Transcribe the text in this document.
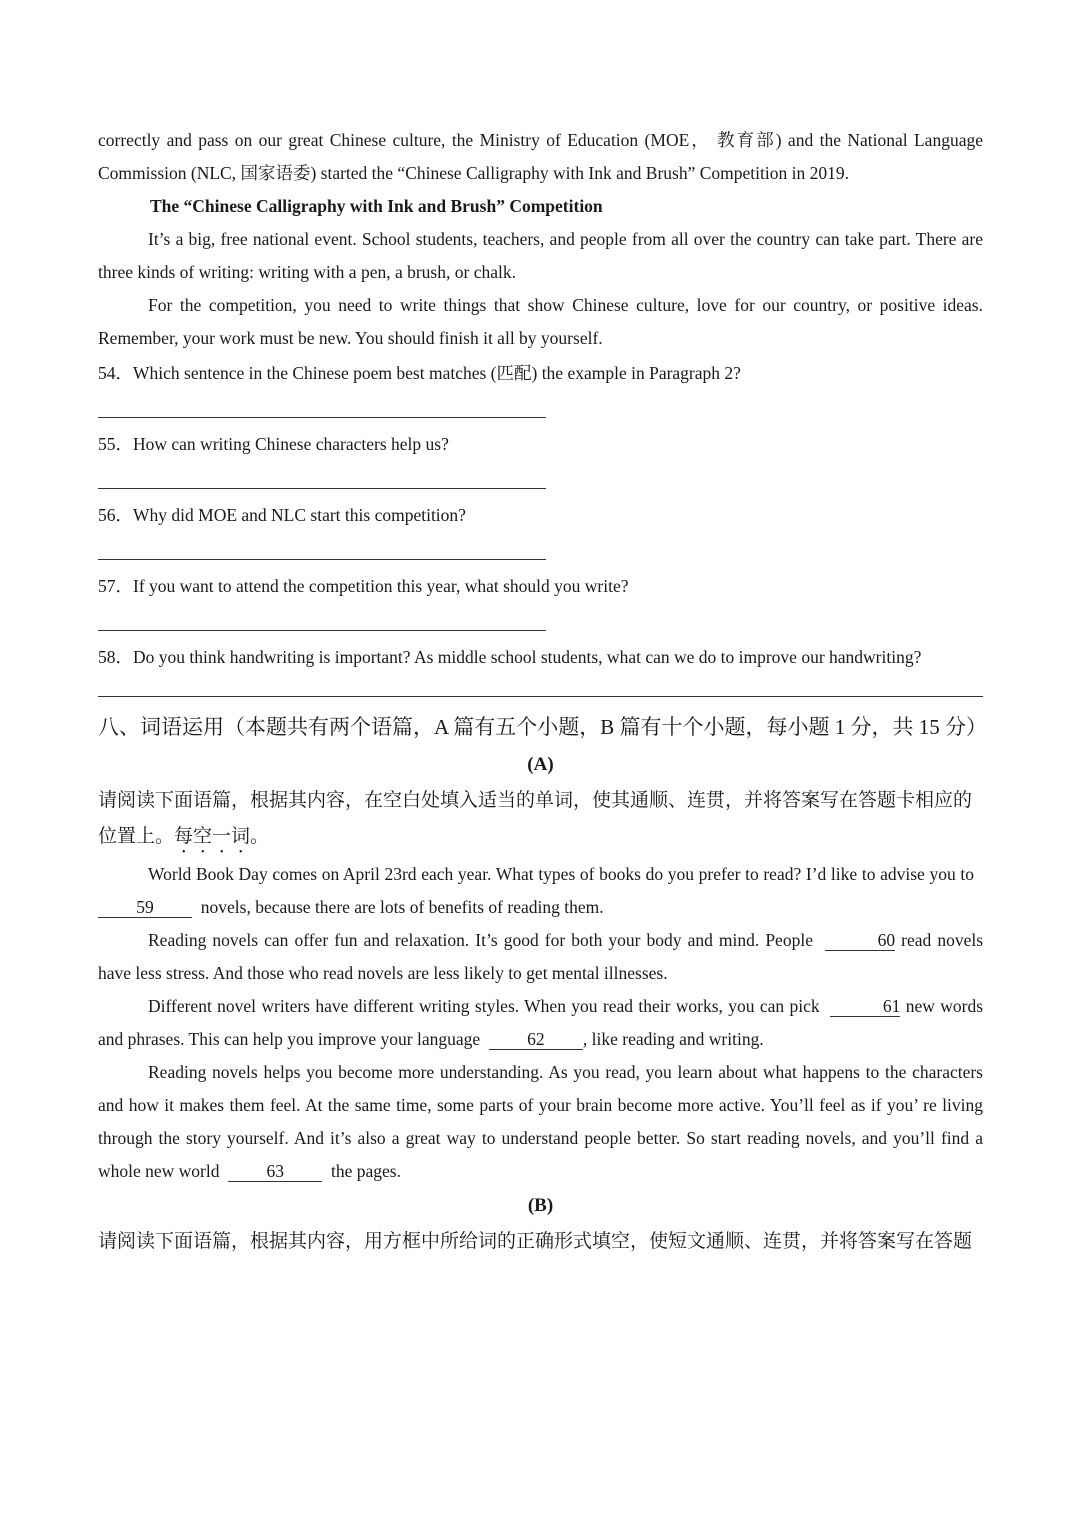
correctly and pass on our great Chinese culture, the Ministry of Education (MOE， 教育部) and the National Language Commission (NLC, 国家语委) started the “Chinese Calligraphy with Ink and Brush” Competition in 2019.

The “Chinese Calligraphy with Ink and Brush” Competition

It’s a big, free national event. School students, teachers, and people from all over the country can take part. There are three kinds of writing: writing with a pen, a brush, or chalk.

For the competition, you need to write things that show Chinese culture, love for our country, or positive ideas. Remember, your work must be new. You should finish it all by yourself.

54．Which sentence in the Chinese poem best matches (匹配) the example in Paragraph 2?

55．How can writing Chinese characters help us?

56．Why did MOE and NLC start this competition?

57．If you want to attend the competition this year, what should you write?

58．Do you think handwriting is important? As middle school students, what can we do to improve our handwriting?

八、词语运用（本题共有两个语篇，A 篇有五个小题，B 篇有十个小题，每小题 1 分，共 15 分）

(A)

请阅读下面语篇，根据其内容，在空白处填入适当的单词，使其通顺、连贯，并将答案写在答题卡相应的位置上。每空一词。

World Book Day comes on April 23rd each year. What types of books do you prefer to read? I’d like to advise you to  59	novels, because there are lots of benefits of reading them.

Reading novels can offer fun and relaxation. It’s good for both your body and mind. People	60 read novels have less stress. And those who read novels are less likely to get mental illnesses.

Different novel writers have different writing styles. When you read their works, you can pick	61 new words and phrases. This can help you improve your language	62 , like reading and writing.

Reading novels helps you become more understanding. As you read, you learn about what happens to the characters and how it makes them feel. At the same time, some parts of your brain become more active. You’ll feel as if you’ re living through the story yourself. And it’s also a great way to understand people better. So start reading novels, and you’ll find a whole new world	63	the pages.

(B)

请阅读下面语篇，根据其内容，用方框中所给词的正确形式填空，使短文通顺、连贯，并将答案写在答题
